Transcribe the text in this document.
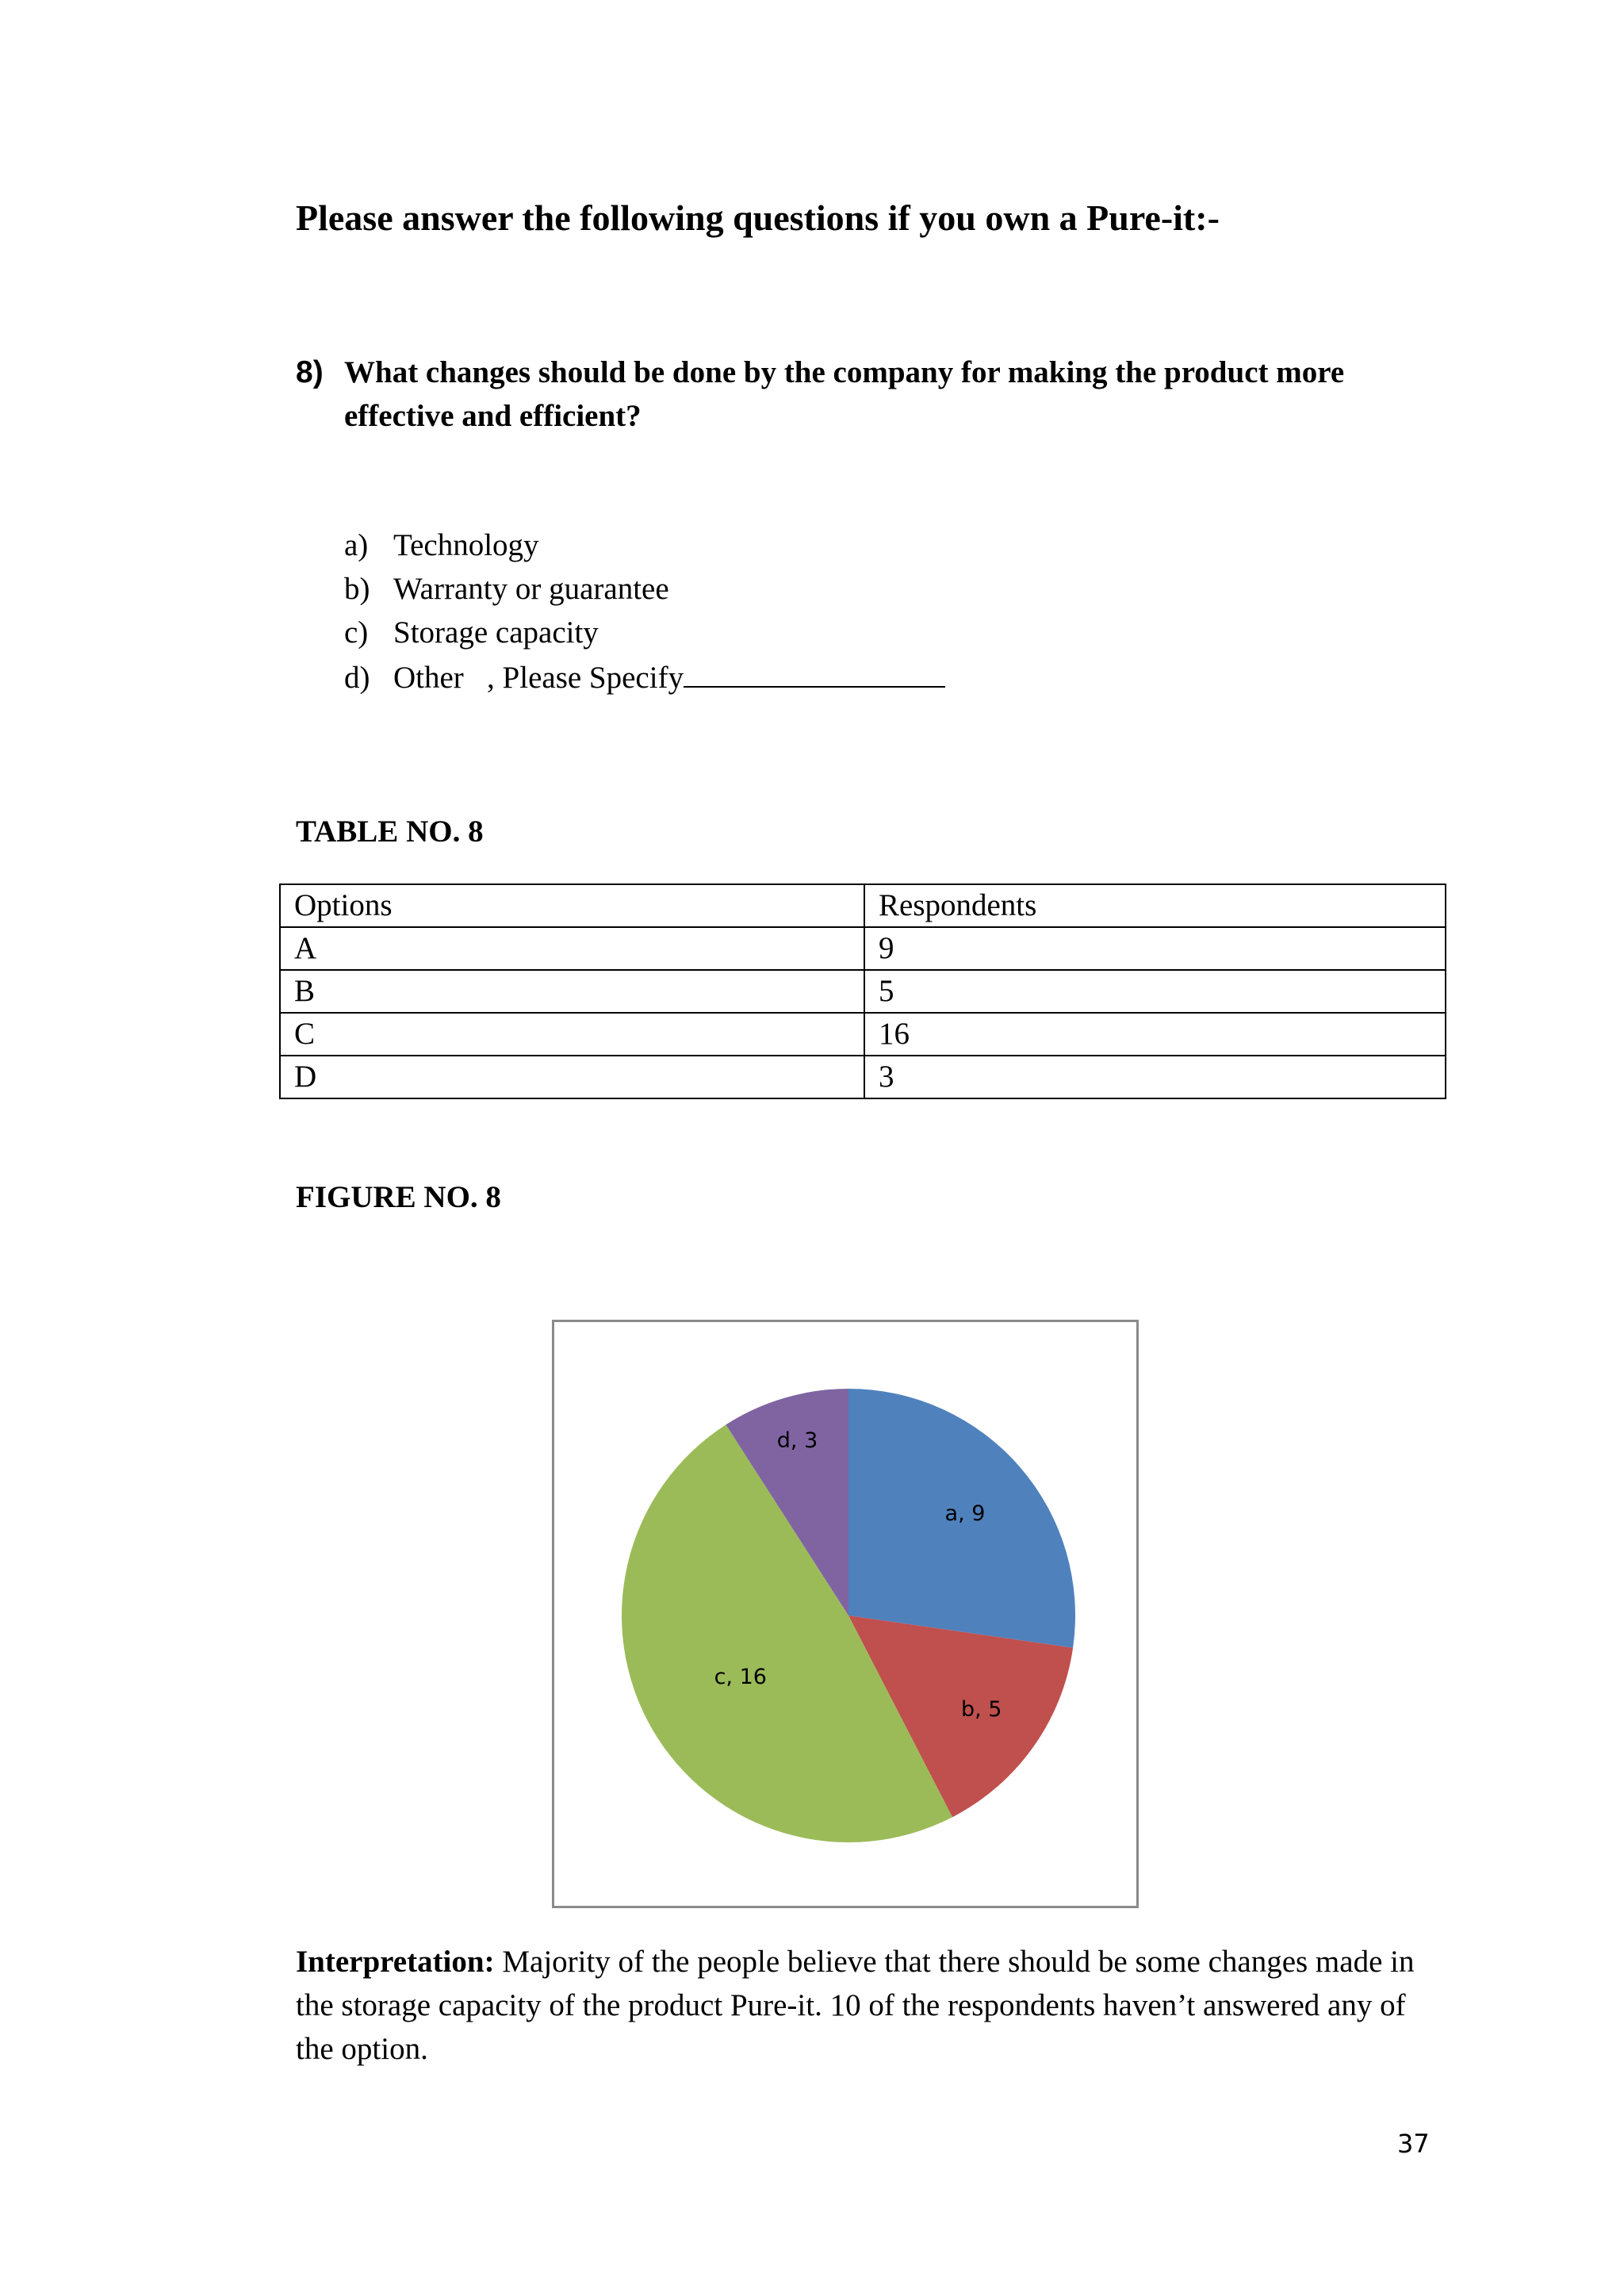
Please answer the following questions if you own a Pure-it:-
8) What changes should be done by the company for making the product more effective and efficient?
a) Technology
b) Warranty or guarantee
c) Storage capacity
d) Other   , Please Specify
TABLE NO. 8
Options	Respondents
A	9
B	5
C	16
D	3
FIGURE NO. 8
a, 9
b, 5
c, 16
d, 3
Interpretation: Majority of the people believe that there should be some changes made in the storage capacity of the product Pure-it. 10 of the respondents haven’t answered any of the option.
37
